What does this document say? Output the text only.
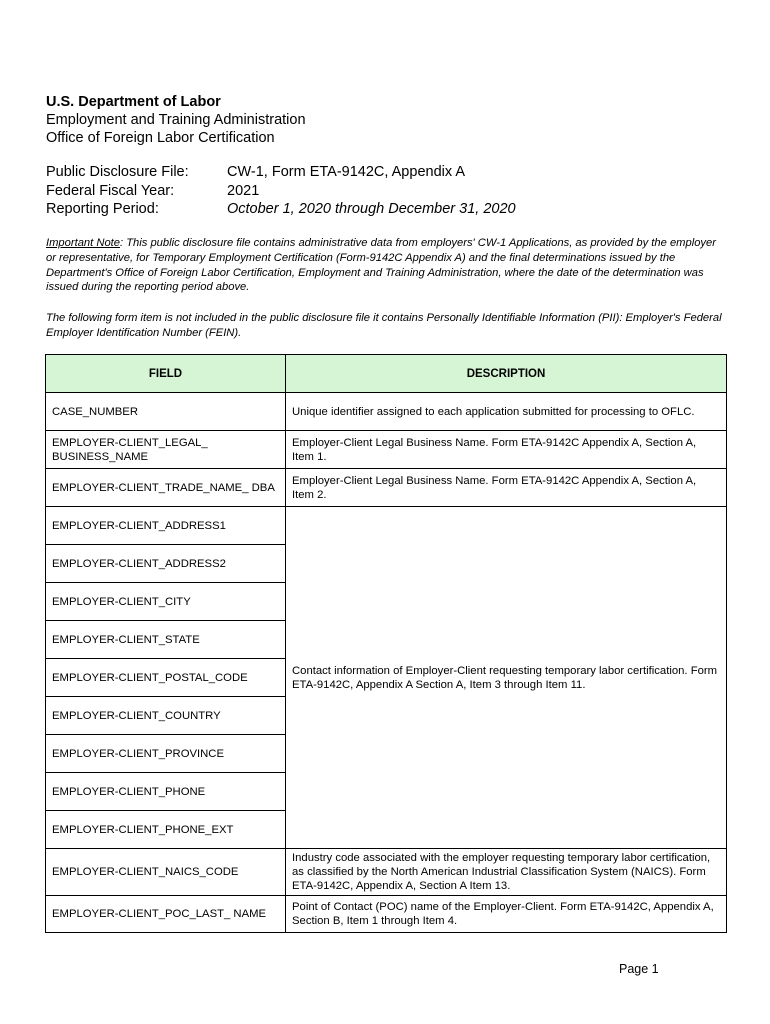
U.S. Department of Labor
Employment and Training Administration
Office of Foreign Labor Certification
Public Disclosure File:	CW-1, Form ETA-9142C, Appendix A
Federal Fiscal Year:	2021
Reporting Period:	October 1, 2020 through December 31, 2020
Important Note: This public disclosure file contains administrative data from employers' CW-1 Applications, as provided by the employer or representative, for Temporary Employment Certification (Form-9142C Appendix A) and the final determinations issued by the Department's Office of Foreign Labor Certification, Employment and Training Administration, where the date of the determination was issued during the reporting period above.
The following form item is not included in the public disclosure file it contains Personally Identifiable Information (PII): Employer's Federal Employer Identification Number (FEIN).
FIELD	DESCRIPTION
CASE_NUMBER	Unique identifier assigned to each application submitted for processing to OFLC.
EMPLOYER-CLIENT_LEGAL_ BUSINESS_NAME	Employer-Client Legal Business Name. Form ETA-9142C Appendix A, Section A, Item 1.
EMPLOYER-CLIENT_TRADE_NAME_ DBA	Employer-Client Legal Business Name. Form ETA-9142C Appendix A, Section A, Item 2.
EMPLOYER-CLIENT_ADDRESS1	Contact information of Employer-Client requesting temporary labor certification. Form ETA-9142C, Appendix A Section A, Item 3 through Item 11.
EMPLOYER-CLIENT_ADDRESS2	
EMPLOYER-CLIENT_CITY	
EMPLOYER-CLIENT_STATE	
EMPLOYER-CLIENT_POSTAL_CODE	
EMPLOYER-CLIENT_COUNTRY	
EMPLOYER-CLIENT_PROVINCE	
EMPLOYER-CLIENT_PHONE	
EMPLOYER-CLIENT_PHONE_EXT	
EMPLOYER-CLIENT_NAICS_CODE	Industry code associated with the employer requesting temporary labor certification, as classified by the North American Industrial Classification System (NAICS). Form ETA-9142C, Appendix A, Section A Item 13.
EMPLOYER-CLIENT_POC_LAST_ NAME	Point of Contact (POC) name of the Employer-Client. Form ETA-9142C, Appendix A, Section B, Item 1 through Item 4.
Page 1
